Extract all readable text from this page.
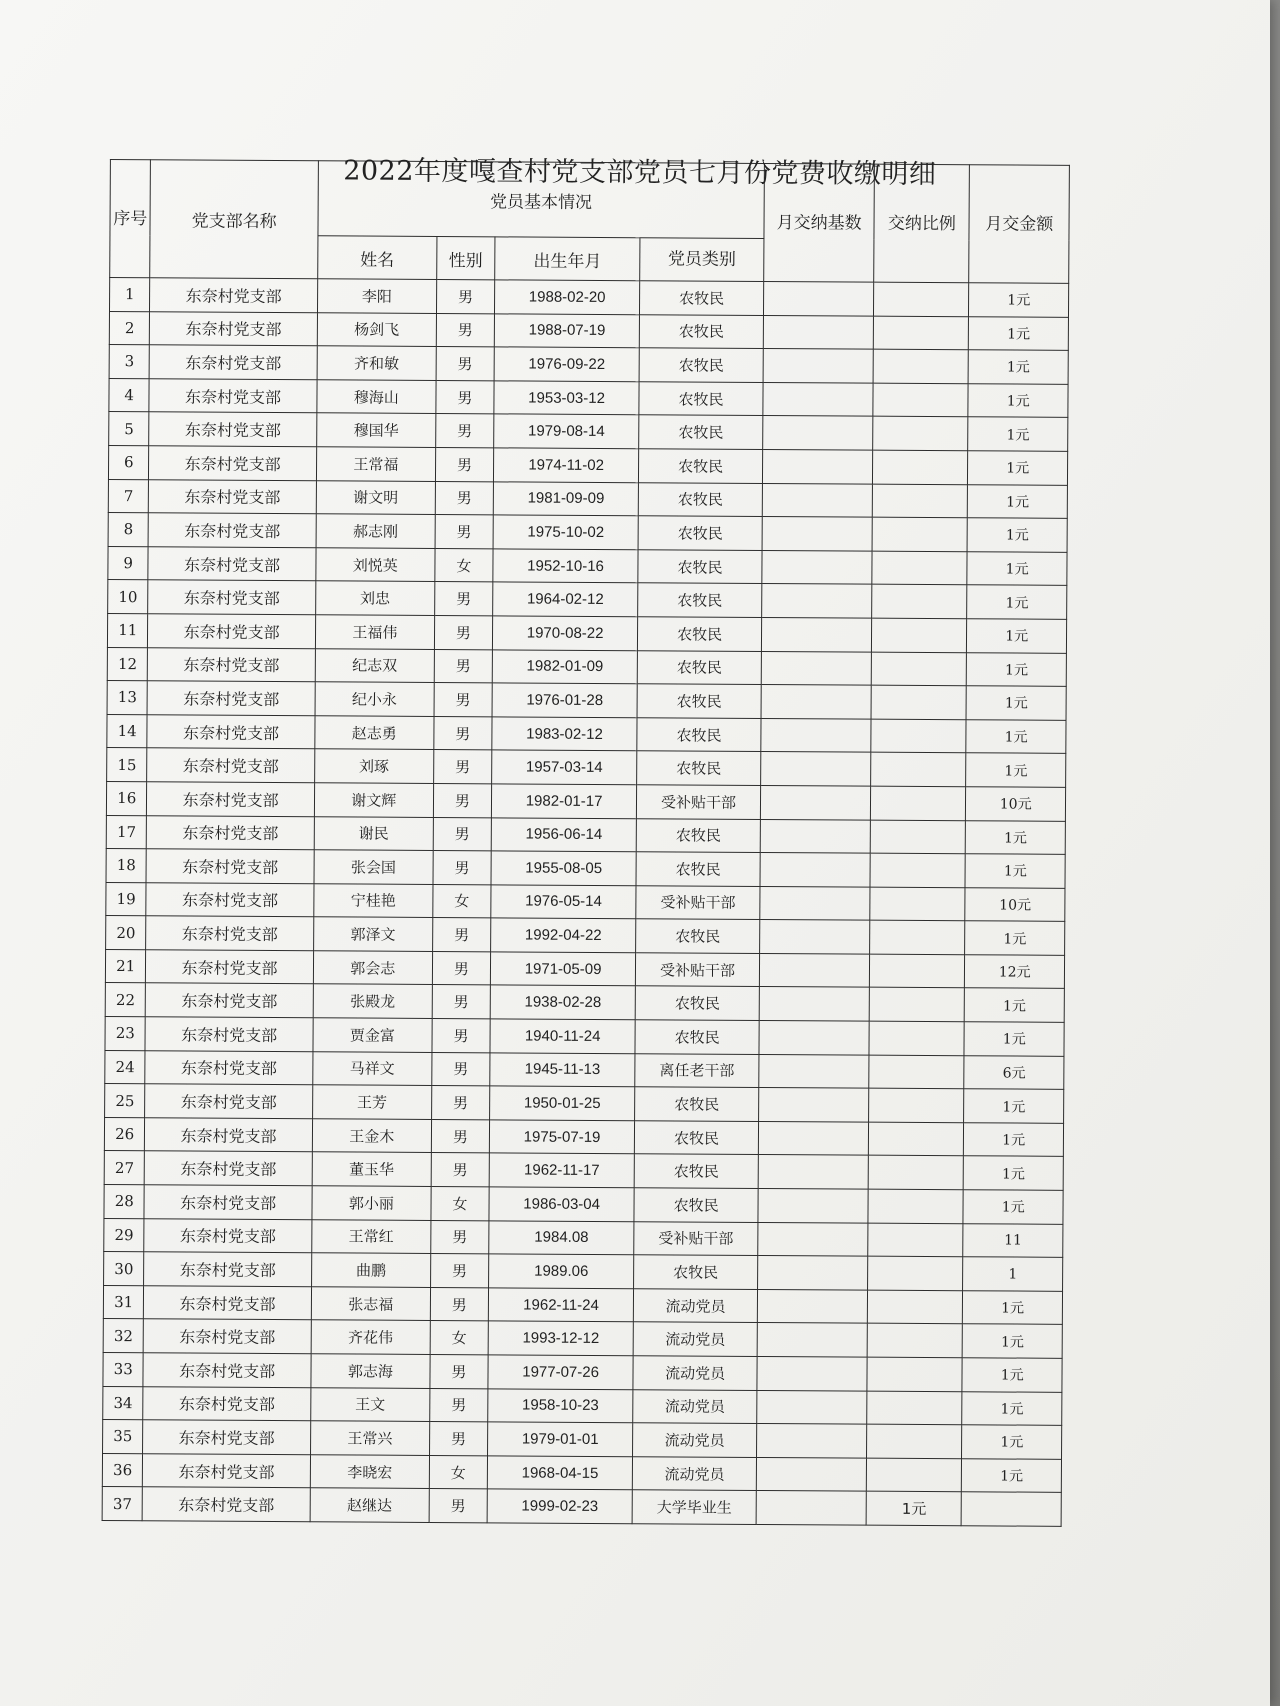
2022年度嘎查村党支部党员七月份党费收缴明细
序号	党支部名称	党员基本情况				月交纳基数	交纳比例	月交金额
		姓名	性别	出生年月	党员类别			
1	东奈村党支部	李阳	男	1988-02-20	农牧民			1元
2	东奈村党支部	杨剑飞	男	1988-07-19	农牧民			1元
3	东奈村党支部	齐和敏	男	1976-09-22	农牧民			1元
4	东奈村党支部	穆海山	男	1953-03-12	农牧民			1元
5	东奈村党支部	穆国华	男	1979-08-14	农牧民			1元
6	东奈村党支部	王常福	男	1974-11-02	农牧民			1元
7	东奈村党支部	谢文明	男	1981-09-09	农牧民			1元
8	东奈村党支部	郝志刚	男	1975-10-02	农牧民			1元
9	东奈村党支部	刘悦英	女	1952-10-16	农牧民			1元
10	东奈村党支部	刘忠	男	1964-02-12	农牧民			1元
11	东奈村党支部	王福伟	男	1970-08-22	农牧民			1元
12	东奈村党支部	纪志双	男	1982-01-09	农牧民			1元
13	东奈村党支部	纪小永	男	1976-01-28	农牧民			1元
14	东奈村党支部	赵志勇	男	1983-02-12	农牧民			1元
15	东奈村党支部	刘琢	男	1957-03-14	农牧民			1元
16	东奈村党支部	谢文辉	男	1982-01-17	受补贴干部			10元
17	东奈村党支部	谢民	男	1956-06-14	农牧民			1元
18	东奈村党支部	张会国	男	1955-08-05	农牧民			1元
19	东奈村党支部	宁桂艳	女	1976-05-14	受补贴干部			10元
20	东奈村党支部	郭泽文	男	1992-04-22	农牧民			1元
21	东奈村党支部	郭会志	男	1971-05-09	受补贴干部			12元
22	东奈村党支部	张殿龙	男	1938-02-28	农牧民			1元
23	东奈村党支部	贾金富	男	1940-11-24	农牧民			1元
24	东奈村党支部	马祥文	男	1945-11-13	离任老干部			6元
25	东奈村党支部	王芳	男	1950-01-25	农牧民			1元
26	东奈村党支部	王金木	男	1975-07-19	农牧民			1元
27	东奈村党支部	董玉华	男	1962-11-17	农牧民			1元
28	东奈村党支部	郭小丽	女	1986-03-04	农牧民			1元
29	东奈村党支部	王常红	男	1984.08	受补贴干部			11
30	东奈村党支部	曲鹏	男	1989.06	农牧民			1
31	东奈村党支部	张志福	男	1962-11-24	流动党员			1元
32	东奈村党支部	齐花伟	女	1993-12-12	流动党员			1元
33	东奈村党支部	郭志海	男	1977-07-26	流动党员			1元
34	东奈村党支部	王文	男	1958-10-23	流动党员			1元
35	东奈村党支部	王常兴	男	1979-01-01	流动党员			1元
36	东奈村党支部	李晓宏	女	1968-04-15	流动党员			1元
37	东奈村党支部	赵继达	男	1999-02-23	大学毕业生		1元	
